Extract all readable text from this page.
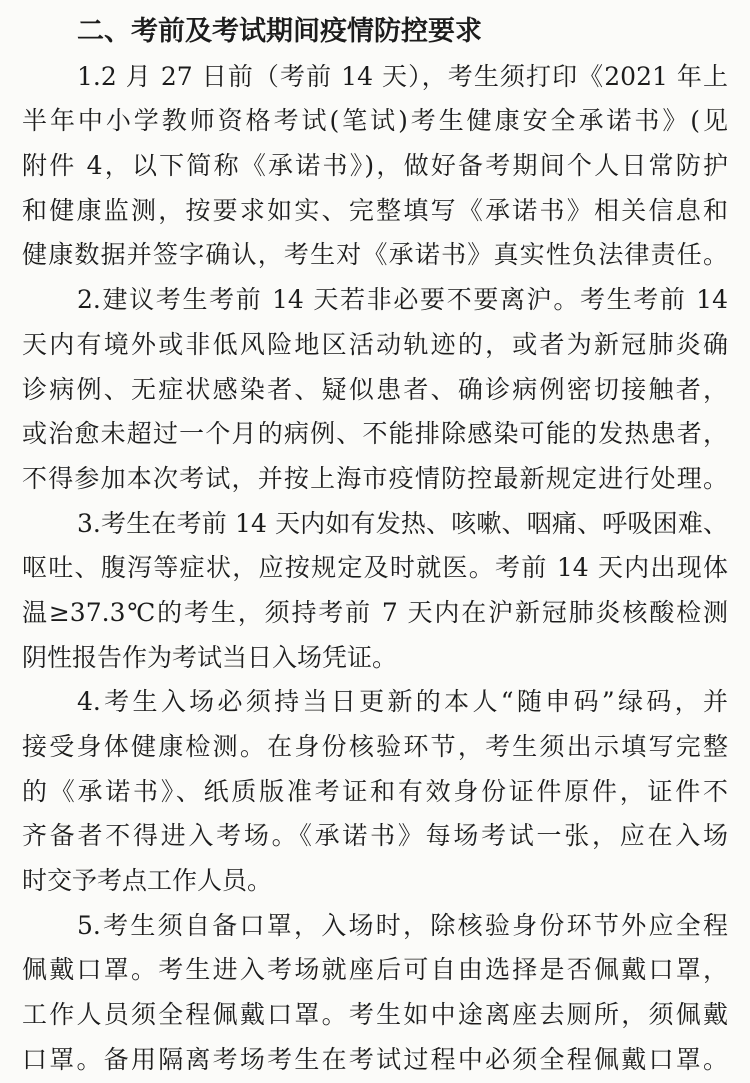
二、考前及考试期间疫情防控要求
1.2 月 27 日前（考前 14 天），考生须打印《2021 年上
半年中小学教师资格考试(笔试)考生健康安全承诺书》(见
附件 4，以下简称《承诺书》)，做好备考期间个人日常防护
和健康监测，按要求如实、完整填写《承诺书》相关信息和
健康数据并签字确认，考生对《承诺书》真实性负法律责任。
2.建议考生考前 14 天若非必要不要离沪。考生考前 14
天内有境外或非低风险地区活动轨迹的，或者为新冠肺炎确
诊病例、无症状感染者、疑似患者、确诊病例密切接触者，
或治愈未超过一个月的病例、不能排除感染可能的发热患者，
不得参加本次考试，并按上海市疫情防控最新规定进行处理。
3.考生在考前 14 天内如有发热、咳嗽、咽痛、呼吸困难、
呕吐、腹泻等症状，应按规定及时就医。考前 14 天内出现体
温≥37.3℃的考生，须持考前 7 天内在沪新冠肺炎核酸检测
阴性报告作为考试当日入场凭证。
4.考生入场必须持当日更新的本人“随申码”绿码，并
接受身体健康检测。在身份核验环节，考生须出示填写完整
的《承诺书》、纸质版准考证和有效身份证件原件，证件不
齐备者不得进入考场。《承诺书》每场考试一张，应在入场
时交予考点工作人员。
5.考生须自备口罩，入场时，除核验身份环节外应全程
佩戴口罩。考生进入考场就座后可自由选择是否佩戴口罩，
工作人员须全程佩戴口罩。考生如中途离座去厕所，须佩戴
口罩。备用隔离考场考生在考试过程中必须全程佩戴口罩。
